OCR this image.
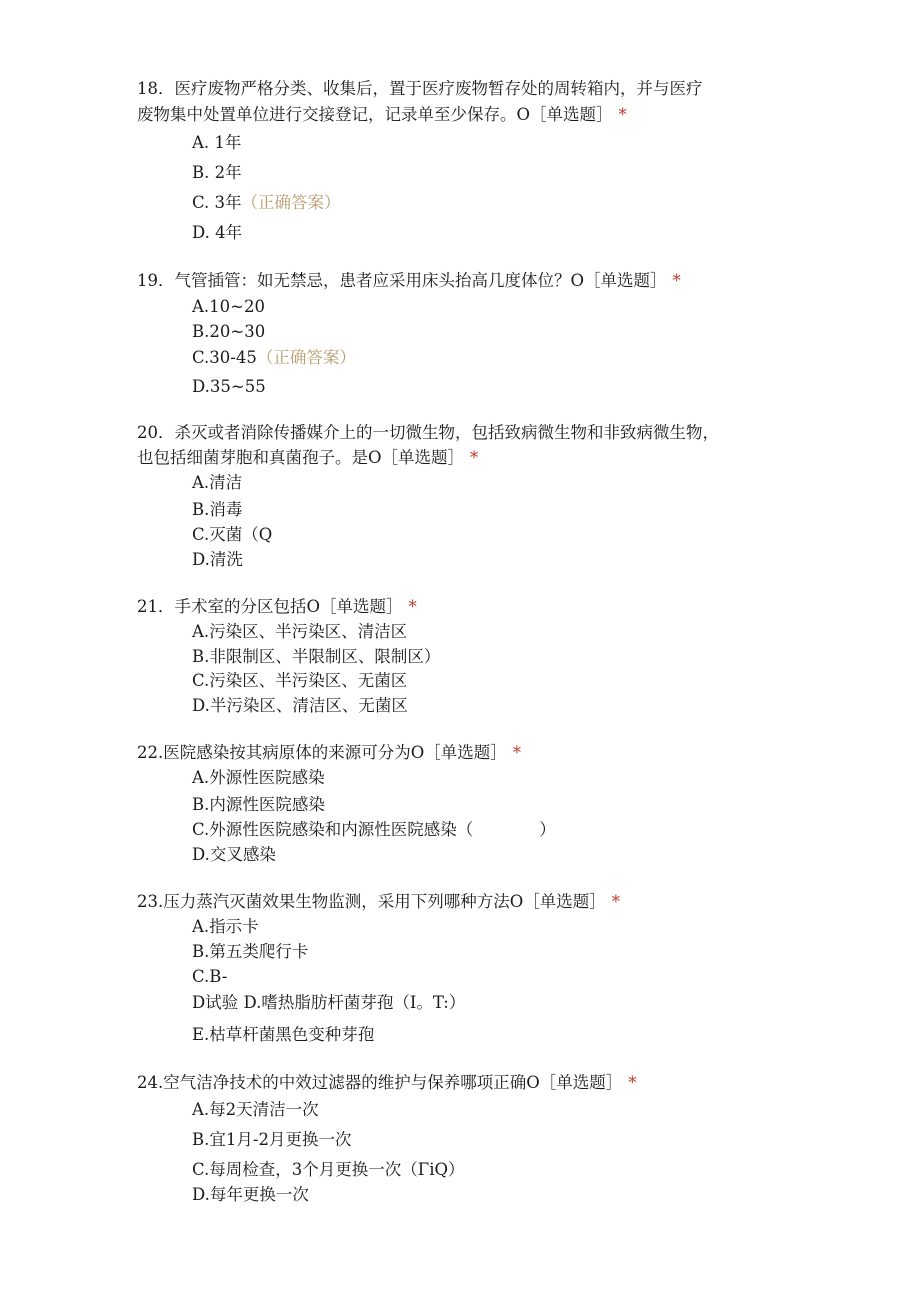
18．医疗废物严格分类、收集后，置于医疗废物暂存处的周转箱内，并与医疗
废物集中处置单位进行交接登记，记录单至少保存。O［单选题］ *
A. 1年
B. 2年
C. 3年（正确答案）
D. 4年
19．气管插管：如无禁忌，患者应采用床头抬高几度体位？O［单选题］ *
A.10~20
B.20~30
C.30-45（正确答案）
D.35~55
20．杀灭或者消除传播媒介上的一切微生物，包括致病微生物和非致病微生物，
也包括细菌芽胞和真菌孢子。是O［单选题］ *
A.清洁
B.消毒
C.灭菌（Q
D.清洗
21．手术室的分区包括O［单选题］ *
A.污染区、半污染区、清洁区
B.非限制区、半限制区、限制区）
C.污染区、半污染区、无菌区
D.半污染区、清洁区、无菌区
22.医院感染按其病原体的来源可分为O［单选题］ *
A.外源性医院感染
B.内源性医院感染
C.外源性医院感染和内源性医院感染（　　　　）
D.交叉感染
23.压力蒸汽灭菌效果生物监测，采用下列哪种方法O［单选题］ *
A.指示卡
B.第五类爬行卡
C.B-
D试验 D.嗜热脂肪杆菌芽孢（I。T:）
E.枯草杆菌黑色变种芽孢
24.空气洁净技术的中效过滤器的维护与保养哪项正确O［单选题］ *
A.每2天清洁一次
B.宜1月-2月更换一次
C.每周检查，3个月更换一次（ΓiQ）
D.每年更换一次
